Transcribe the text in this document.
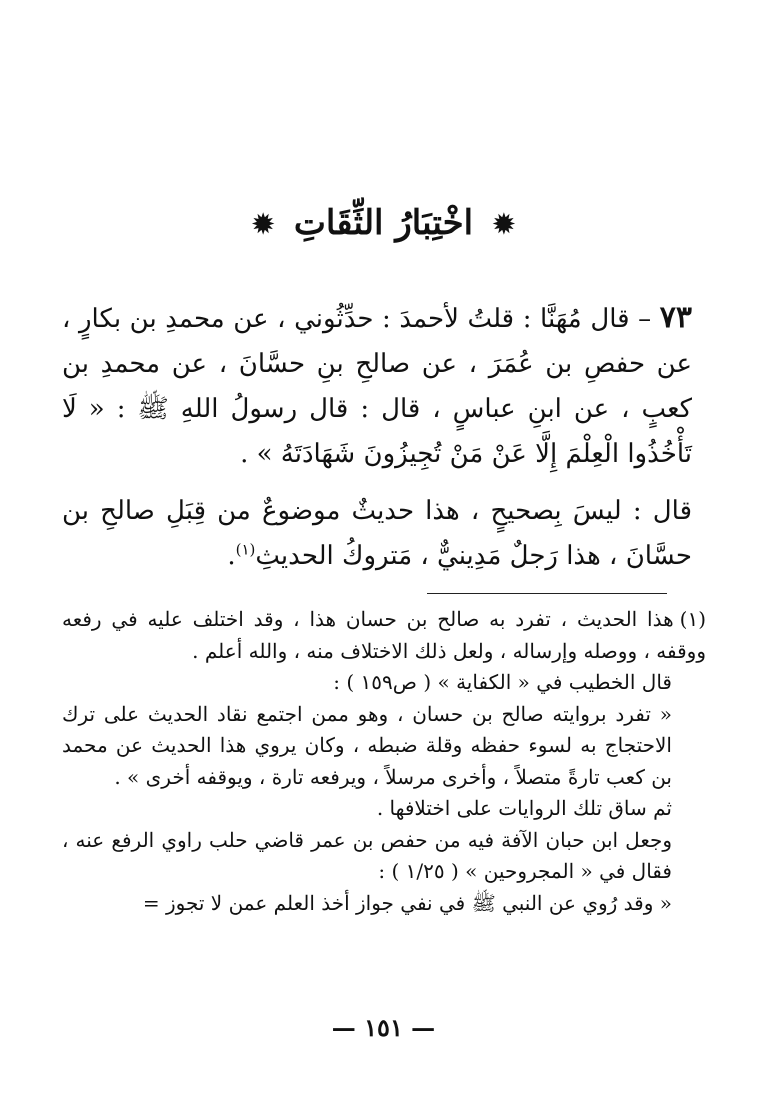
✹ اخْتِبَارُ الثِّقَاتِ ✹

٧٣ – قال مُهَنَّا : قلتُ لأحمدَ : حدِّثُوني ، عن محمدِ بن بكارٍ ، عن حفصِ بن عُمَرَ ، عن صالحِ بنِ حسَّانَ ، عن محمدِ بن كعبٍ ، عن ابنِ عباسٍ ، قال : قال رسولُ اللهِ ﷺ : « لَا تَأْخُذُوا الْعِلْمَ إِلَّا عَنْ مَنْ تُجِيزُونَ شَهَادَتَهُ » .

قال : ليسَ بِصحيحٍ ، هذا حديثٌ موضوعٌ من قِبَلِ صالحِ بن حسَّانَ ، هذا رَجلٌ مَدِينيٌّ ، مَتروكُ الحديثِ$^{(١)}$.

(١)هذا الحديث ، تفرد به صالح بن حسان هذا ، وقد اختلف عليه في رفعه ووقفه ، ووصله وإرساله ، ولعل ذلك الاختلاف منه ، والله أعلم .

قال الخطيب في « الكفاية » ( ص١٥٩ ) :

« تفرد بروايته صالح بن حسان ، وهو ممن اجتمع نقاد الحديث على ترك الاحتجاج به لسوء حفظه وقلة ضبطه ، وكان يروي هذا الحديث عن محمد بن كعب تارةً متصلاً ، وأخرى مرسلاً ، ويرفعه تارة ، ويوقفه أخرى » .

ثم ساق تلك الروايات على اختلافها .

وجعل ابن حبان الآفة فيه من حفص بن عمر قاضي حلب راوي الرفع عنه ، فقال في « المجروحين » ( ١/٢٥ ) :

« وقد رُوي عن النبي ﷺ في نفي جواز أخذ العلم عمن لا تجوز =

— ١٥١ —
